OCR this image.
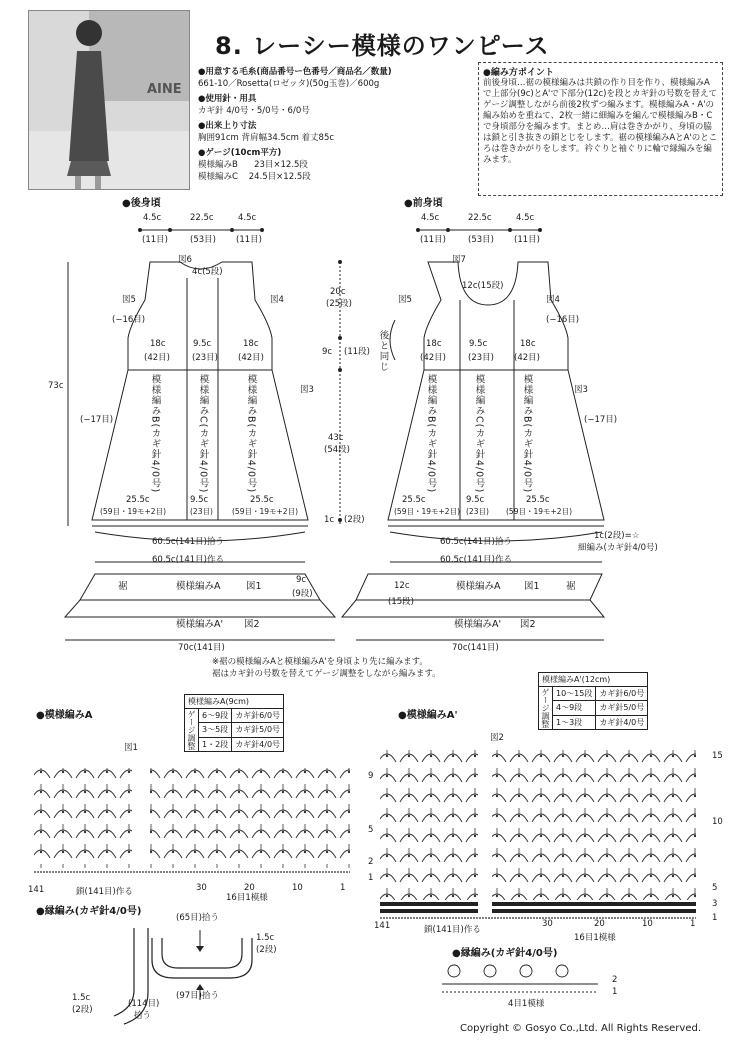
AINE
8. レーシー模様のワンピース
●用意する毛糸(商品番号ー色番号／商品名／数量)
661-10／Rosetta(ロゼッタ)(50g玉巻)／600g
●使用針・用具
カギ針 4/0号・5/0号・6/0号
●出来上り寸法
胸囲91cm 背肩幅34.5cm 着丈85c
●ゲージ(10cm平方)
模様編みB 23目×12.5段
模様編みC 24.5目×12.5段
●編み方ポイント
前後身頃…裾の模様編みは共鎖の作り目を作り、模様編みAで上部分(9c)とA'で下部分(12c)を段とカギ針の号数を替えてゲージ調整しながら前後2枚ずつ編みます。模様編みA・A'の編み始めを重ねて、2枚一緒に細編みを編んで模様編みB・Cで身頃部分を編みます。まとめ…肩は巻きかがり、身頃の脇は鎖と引き抜きの鎖とじをします。裾の模様編みAとA'のところは巻きかがりをします。衿ぐりと袖ぐりに輪で縁編みを編みます。
●後身頃
4.5c	22.5c	4.5c
(11目)	(53目) (11目)
図6
4c(5段)
図5
(−16目)
図4
図3
(−17目)
73c
18c	9.5c	18c
(42目)	(23目) (42目)
模様編みB(カギ針4/0号)	模様編みC(カギ針4/0号)	模様編みB(カギ針4/0号)
25.5c	9.5c	25.5c
(59目・19モ+2目)	(23目)	(59目・19モ+2目)
60.5c(141目)拾う
60.5c(141目)作る
裾	模様編みA	図1
9c
(9段)
模様編みA' 図2
70c(141目)
20c
(25段)
9c (11段)
43c
(54段)
1c (2段)
後と同じ
●前身頃
4.5c	22.5c	4.5c
(11目)	(53目) (11目)
図7
12c(15段)
図5	図4
(−16目)
図3
(−17目)
18c	9.5c	18c
(42目)	(23目) (42目)
模様編みB(カギ針4/0号)	模様編みC(カギ針4/0号)	模様編みB(カギ針4/0号)
25.5c	9.5c	25.5c
(59目・19モ+2目) (23目) (59目・19モ+2目)
1c(2段)=☆
細編み(カギ針4/0号)
60.5c(141目)拾う
60.5c(141目)作る
12c
(15段)
模様編みA 図1	裾
模様編みA' 図2
70c(141目)
※裾の模様編みAと模様編みA'を身頃より先に編みます。
裾はカギ針の号数を替えてゲージ調整をしながら編みます。
●模様編みA
図1
模様編みA(9cm)		
ゲージ調整	6〜9段	カギ針6/0号
	3〜5段	カギ針5/0号
	1・2段	カギ針4/0号
9
5
2
1
141	30	20	10	1
鎖(141目)作る
16目1模様
●模様編みA'
図2
模様編みA'(12cm)		
ゲージ調整	10〜15段	カギ針6/0号
	4〜9段	カギ針5/0号
	1〜3段	カギ針4/0号
15
10
5
3
1
141	30	20	10	1
鎖(141目)作る
16目1模様
●縁編み(カギ針4/0号)
(65目)拾う
1.5c
(2段)
(97目)拾う
1.5c
(2段)
(114目)
拾う
●縁編み(カギ針4/0号)
2
1
4目1模様
Copyright © Gosyo Co.,Ltd. All Rights Reserved.
